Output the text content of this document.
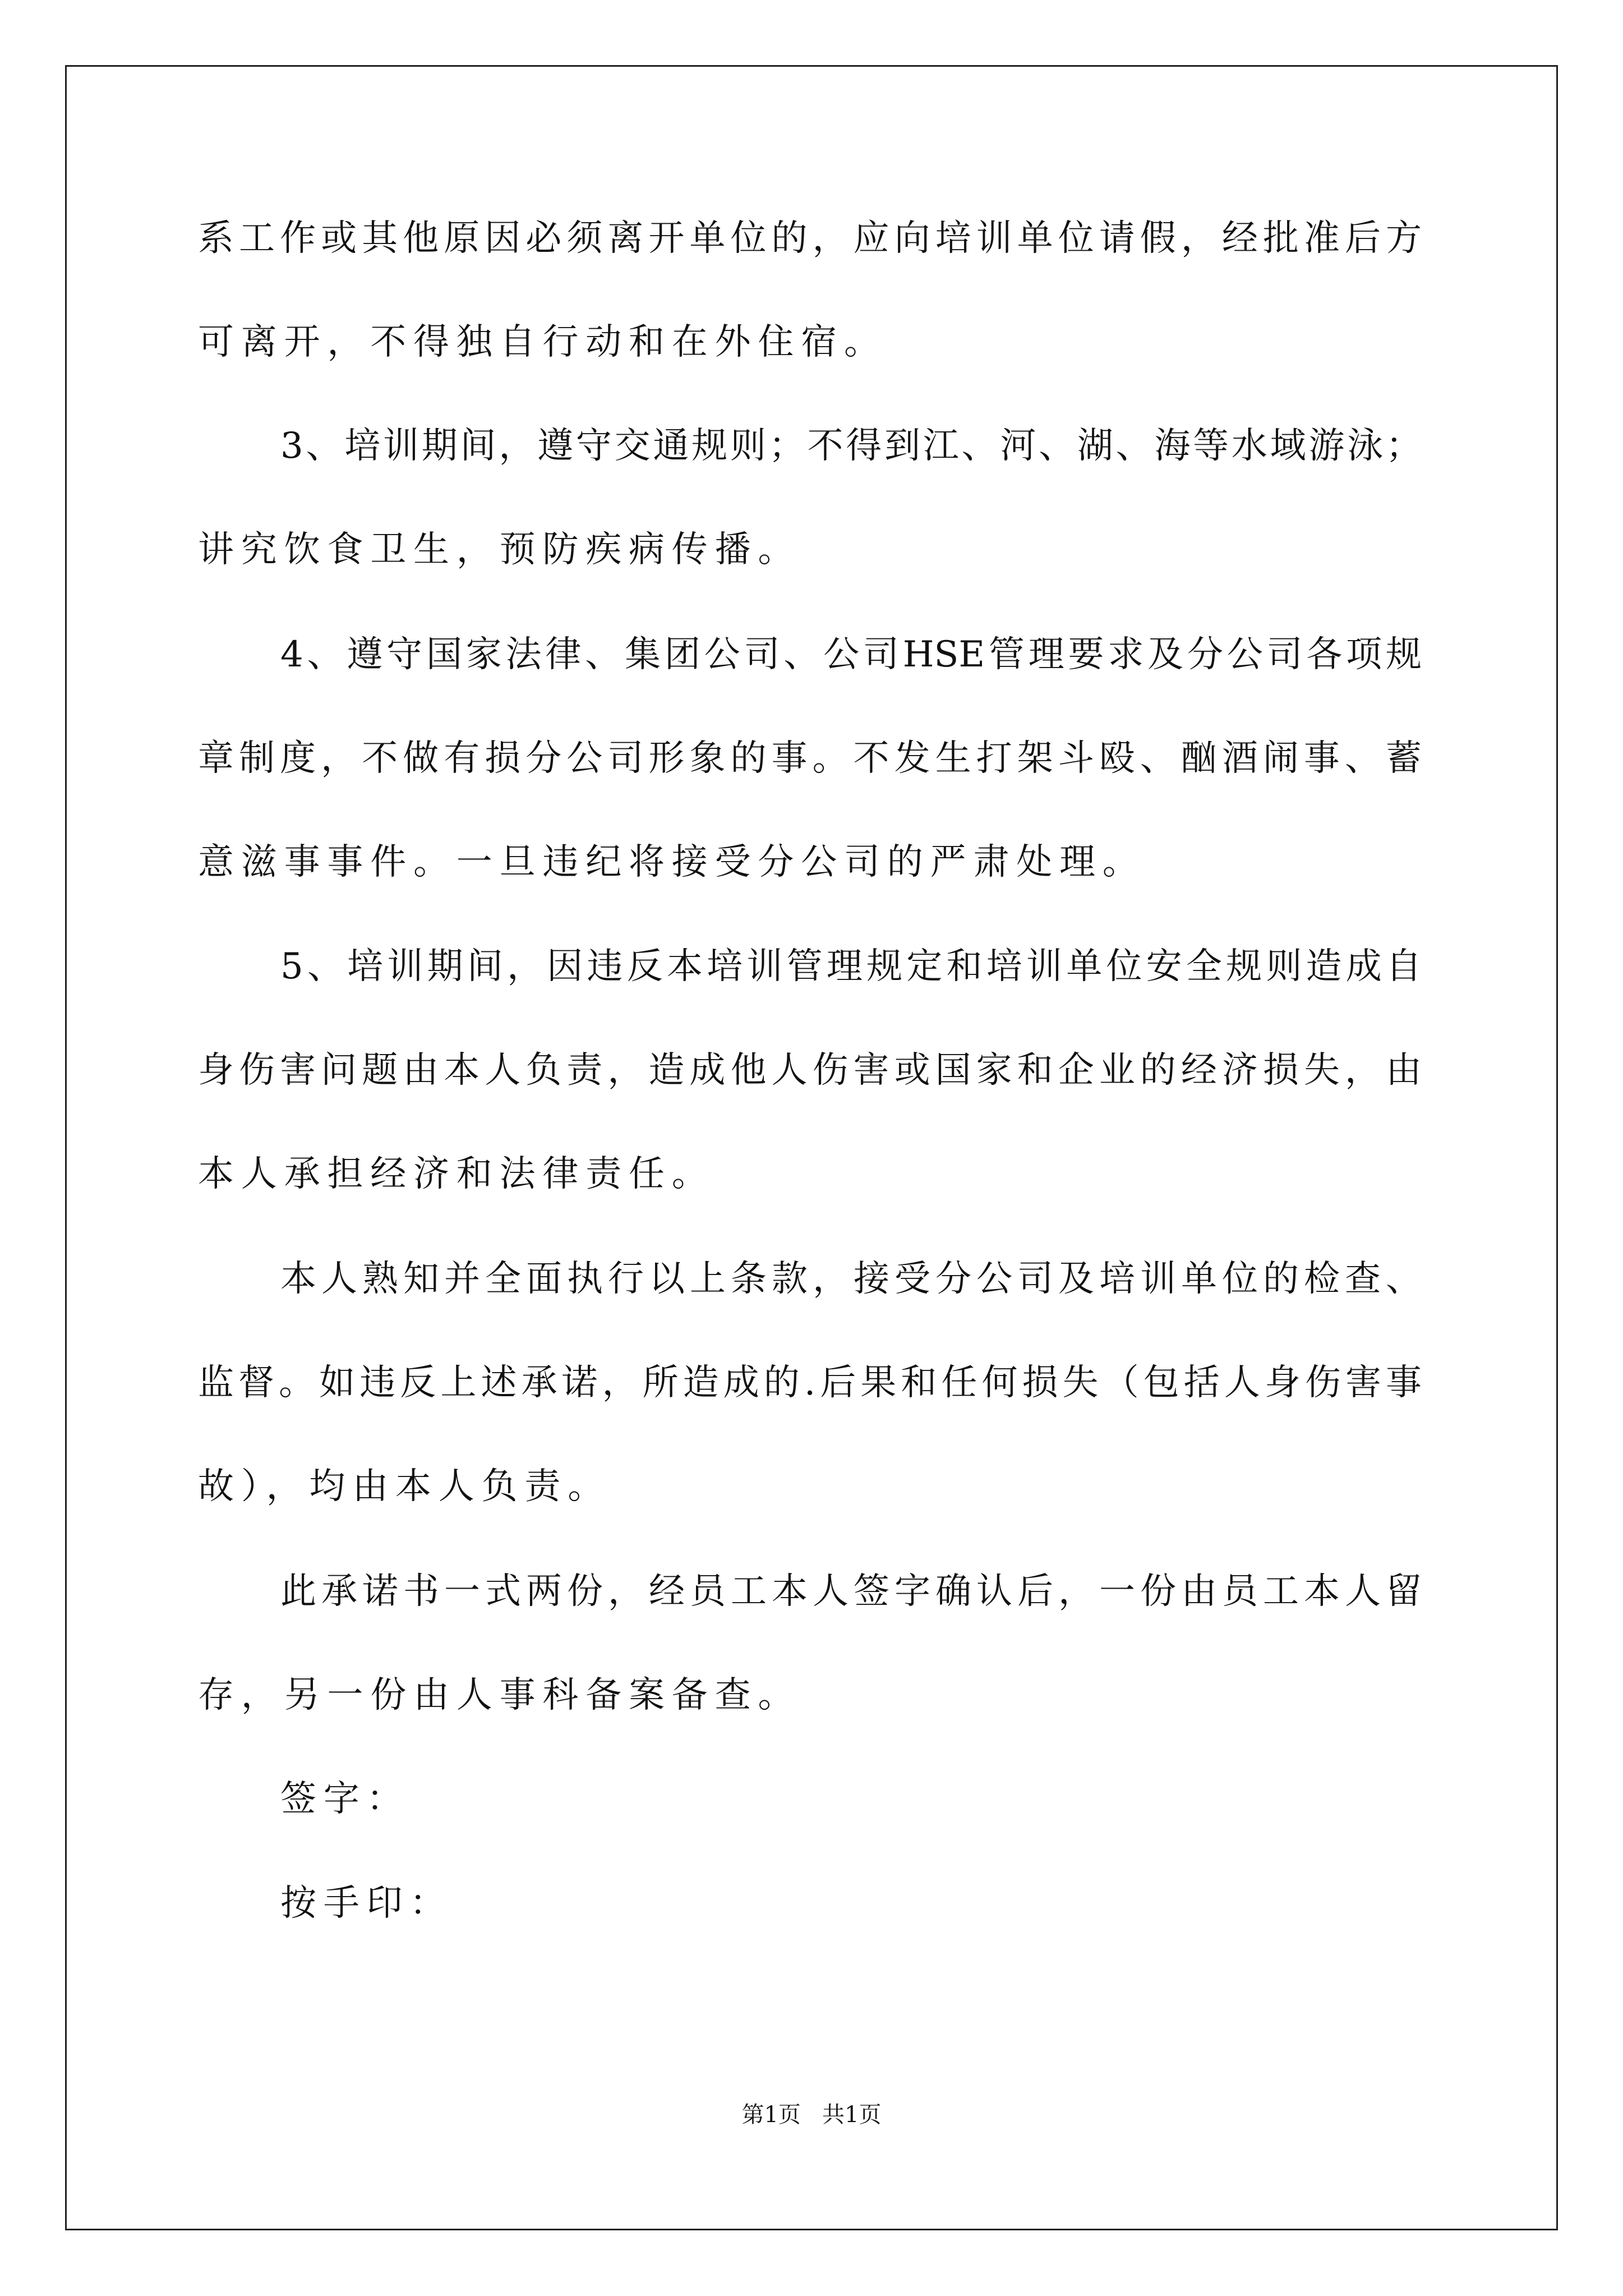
系工作或其他原因必须离开单位的，应向培训单位请假，经批准后方
可离开，不得独自行动和在外住宿。
3、培训期间，遵守交通规则；不得到江、河、湖、海等水域游泳；
讲究饮食卫生，预防疾病传播。
4、遵守国家法律、集团公司、公司HSE管理要求及分公司各项规
章制度，不做有损分公司形象的事。不发生打架斗殴、酗酒闹事、蓄
意滋事事件。一旦违纪将接受分公司的严肃处理。
5、培训期间，因违反本培训管理规定和培训单位安全规则造成自
身伤害问题由本人负责，造成他人伤害或国家和企业的经济损失，由
本人承担经济和法律责任。
本人熟知并全面执行以上条款，接受分公司及培训单位的检查、
监督。如违反上述承诺，所造成的.后果和任何损失（包括人身伤害事
故），均由本人负责。
此承诺书一式两份，经员工本人签字确认后，一份由员工本人留
存，另一份由人事科备案备查。
签字：
按手印：
第1页   共1页
